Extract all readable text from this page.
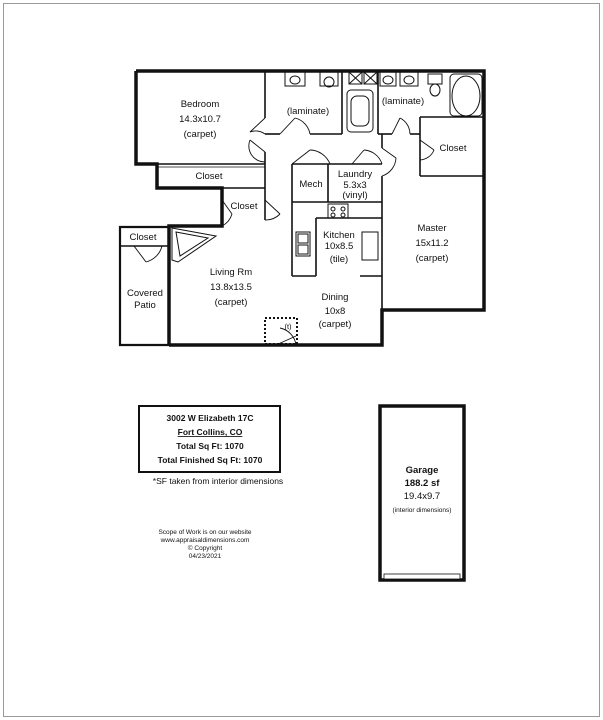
Bedroom
14.3x10.7
(carpet)
(laminate)
(laminate)
Closet
Closet
Closet
Closet
Mech
Laundry
5.3x3
(vinyl)
Kitchen
10x8.5
(tile)
Master
15x11.2
(carpet)
Living Rm
13.8x13.5
(carpet)
Covered
Patio
Dining
10x8
(carpet)
(t)
3002 W Elizabeth 17C
Fort Collins, CO
Total Sq Ft: 1070
Total Finished Sq Ft: 1070
*SF taken from interior dimensions
Scope of Work is on our website
www.appraisaldimensions.com
© Copyright
04/23/2021
Garage
188.2 sf
19.4x9.7
(interior dimensions)
